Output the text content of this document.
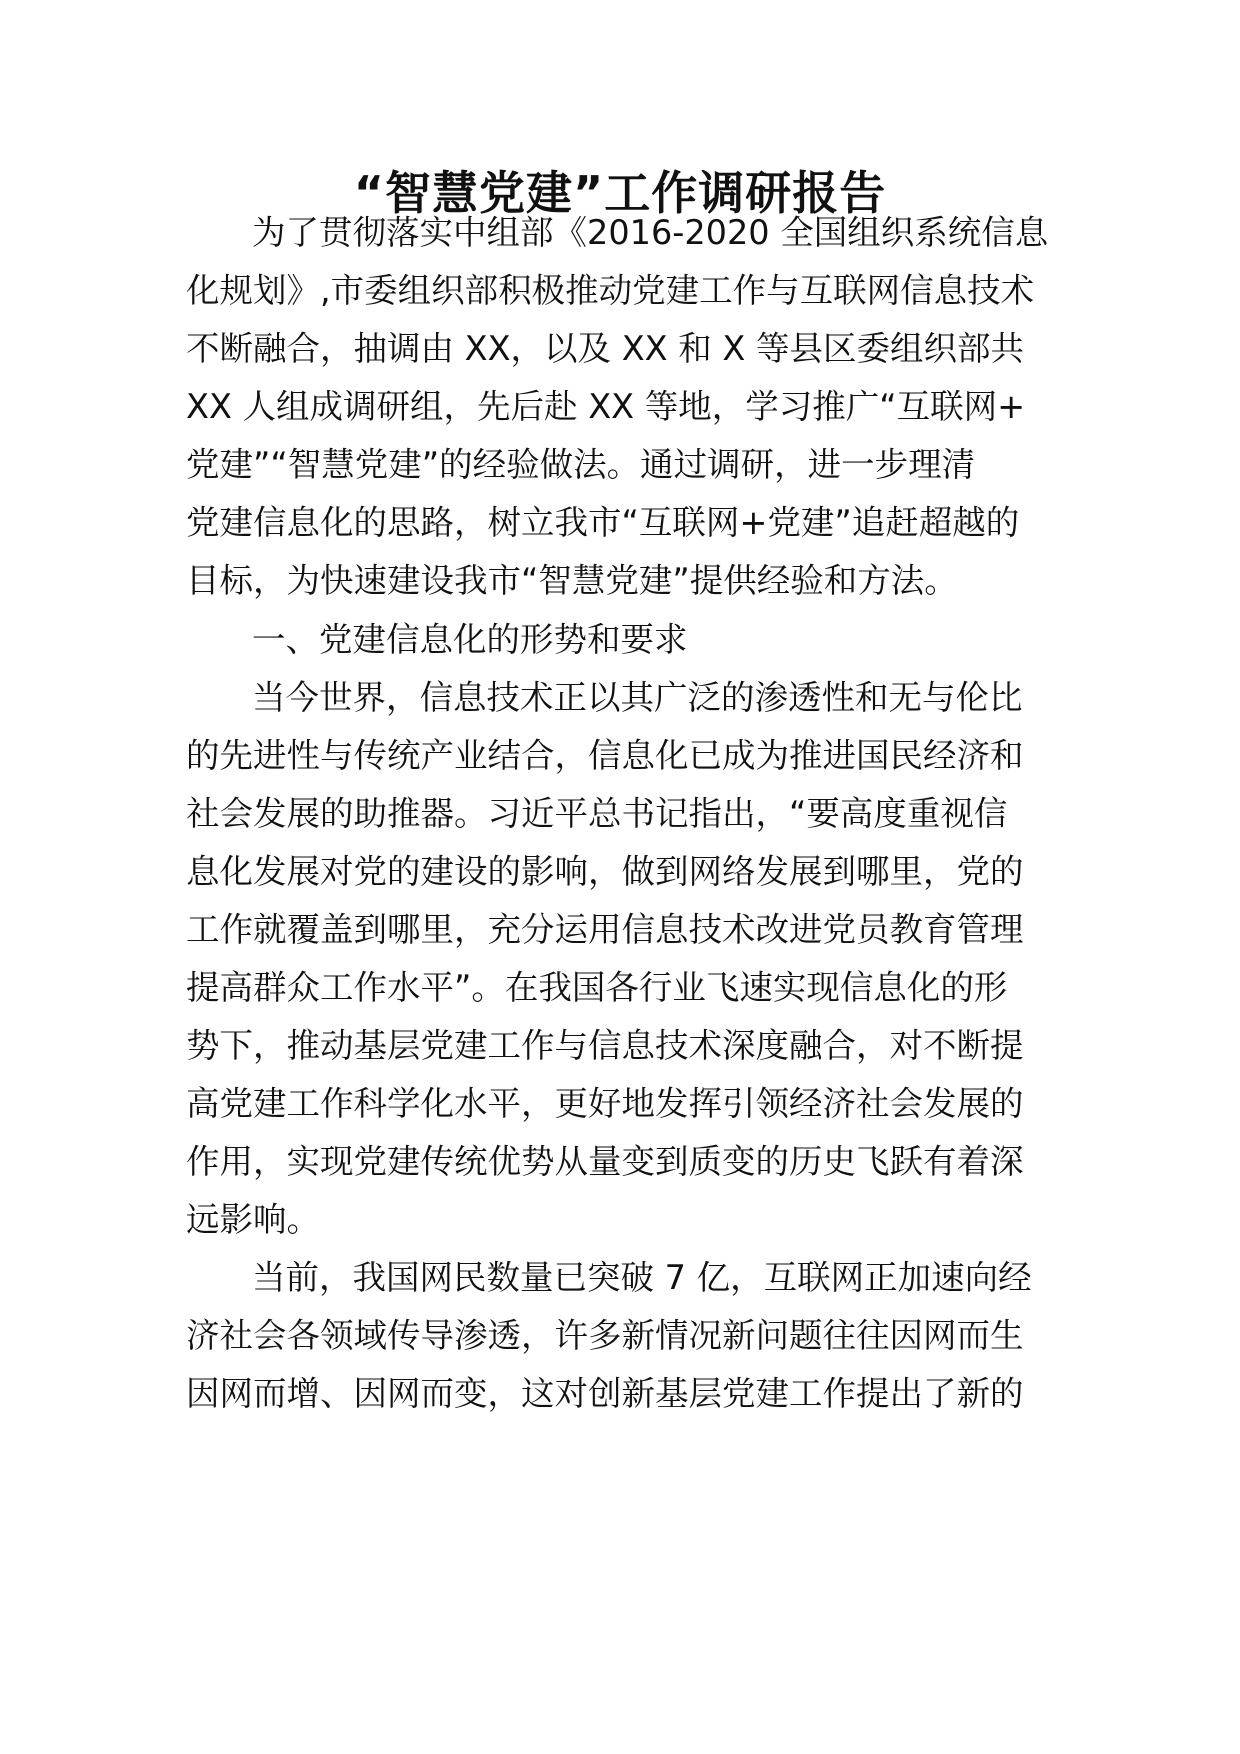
“智慧党建”工作调研报告
为了贯彻落实中组部《2016-2020 全国组织系统信息
化规划》,市委组织部积极推动党建工作与互联网信息技术
不断融合，抽调由 XX，以及 XX 和 X 等县区委组织部共
XX 人组成调研组，先后赴 XX 等地，学习推广“互联网+
党建”“智慧党建”的经验做法。通过调研，进一步理清
党建信息化的思路，树立我市“互联网+党建”追赶超越的
目标，为快速建设我市“智慧党建”提供经验和方法。
一、党建信息化的形势和要求
当今世界，信息技术正以其广泛的渗透性和无与伦比
的先进性与传统产业结合，信息化已成为推进国民经济和
社会发展的助推器。习近平总书记指出，“要高度重视信
息化发展对党的建设的影响，做到网络发展到哪里，党的
工作就覆盖到哪里，充分运用信息技术改进党员教育管理
提高群众工作水平”。在我国各行业飞速实现信息化的形
势下，推动基层党建工作与信息技术深度融合，对不断提
高党建工作科学化水平，更好地发挥引领经济社会发展的
作用，实现党建传统优势从量变到质变的历史飞跃有着深
远影响。
当前，我国网民数量已突破 7 亿，互联网正加速向经
济社会各领域传导渗透，许多新情况新问题往往因网而生
因网而增、因网而变，这对创新基层党建工作提出了新的
